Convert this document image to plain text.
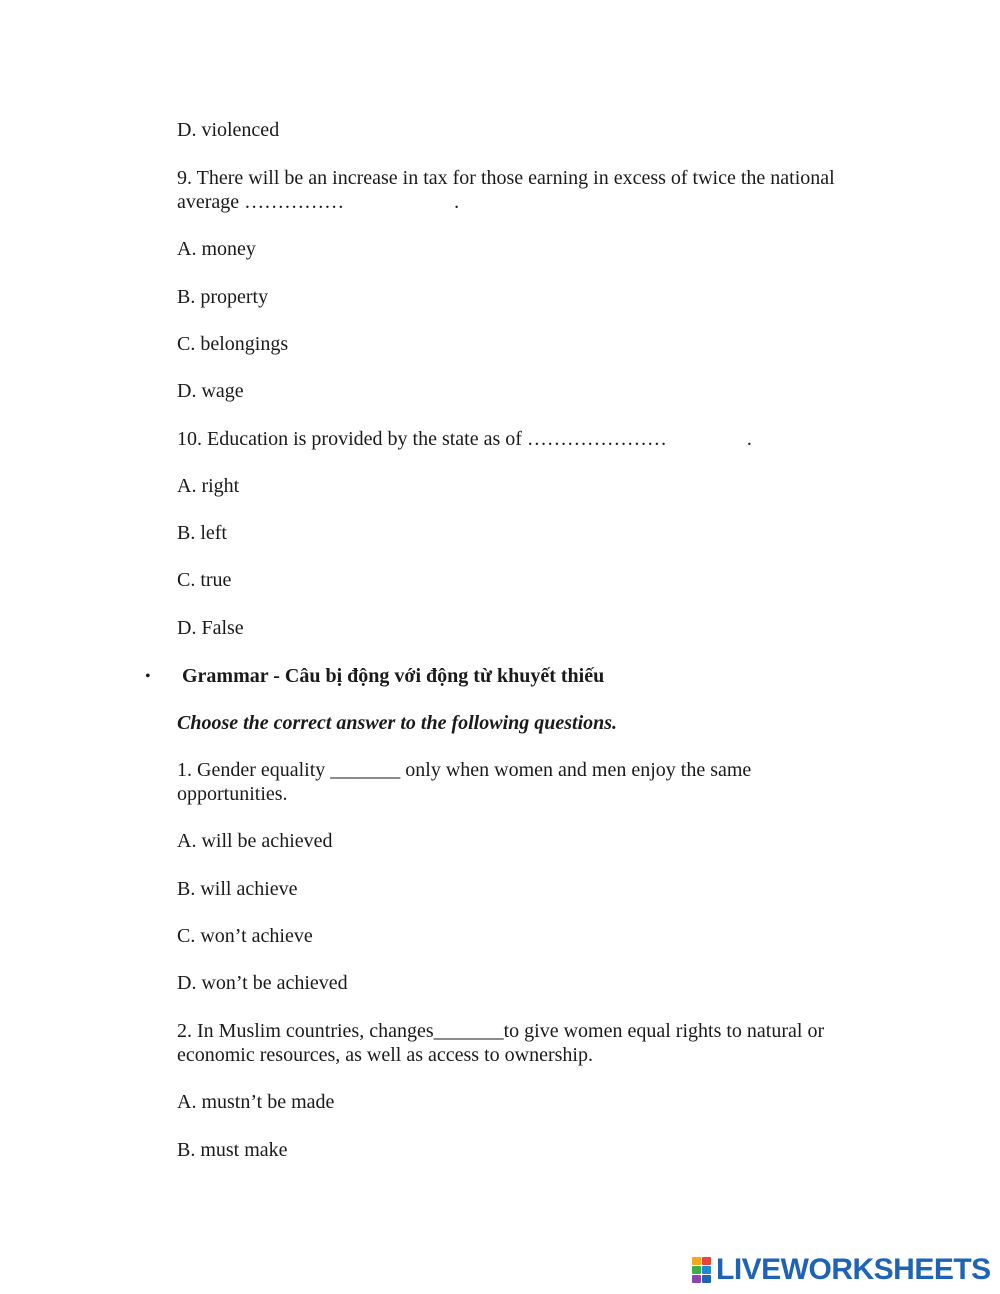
D. violenced
9. There will be an increase in tax for those earning in excess of twice the national average ……………	.
A. money
B. property
C. belongings
D. wage
10. Education is provided by the state as of …………………	.
A. right
B. left
C. true
D. False
• Grammar - Câu bị động với động từ khuyết thiếu
Choose the correct answer to the following questions.
1. Gender equality _______ only when women and men enjoy the same opportunities.
A. will be achieved
B. will achieve
C. won’t achieve
D. won’t be achieved
2. In Muslim countries, changes_______to give women equal rights to natural or economic resources, as well as access to ownership.
A. mustn’t be made
B. must make
LIVEWORKSHEETS
